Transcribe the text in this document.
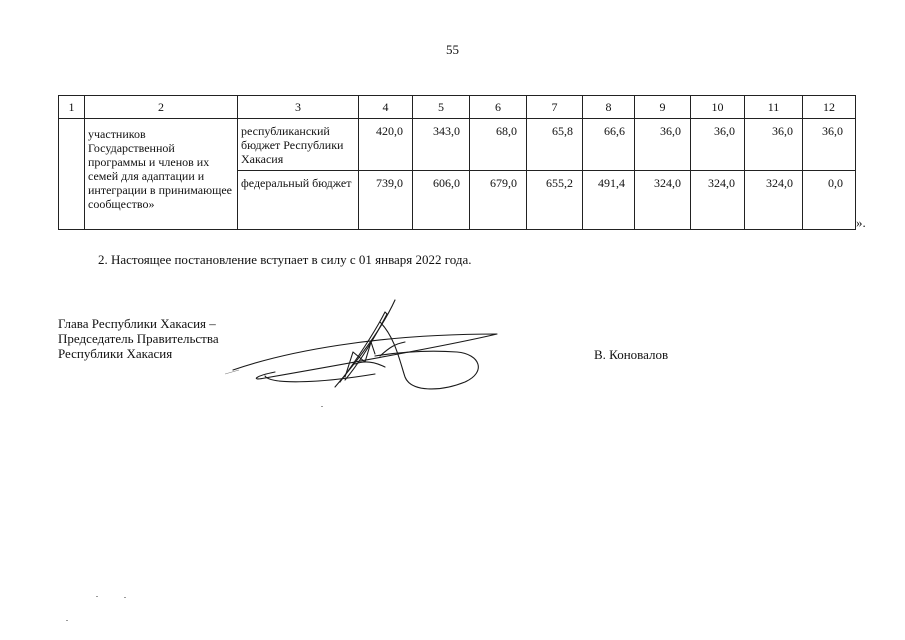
55
1	2	3	4	5	6	7	8	9	10	11	12
	участников Государственной программы и членов их семей для адаптации и интеграции в принимающее сообщество»	республиканский бюджет Республики Хакасия	420,0	343,0	68,0	65,8	66,6	36,0	36,0	36,0	36,0
		федеральный бюджет	739,0	606,0	679,0	655,2	491,4	324,0	324,0	324,0	0,0
».
2. Настоящее постановление вступает в силу с 01 января 2022 года.
Глава Республики Хакасия –
Председатель Правительства
Республики Хакасия	В. Коновалов
